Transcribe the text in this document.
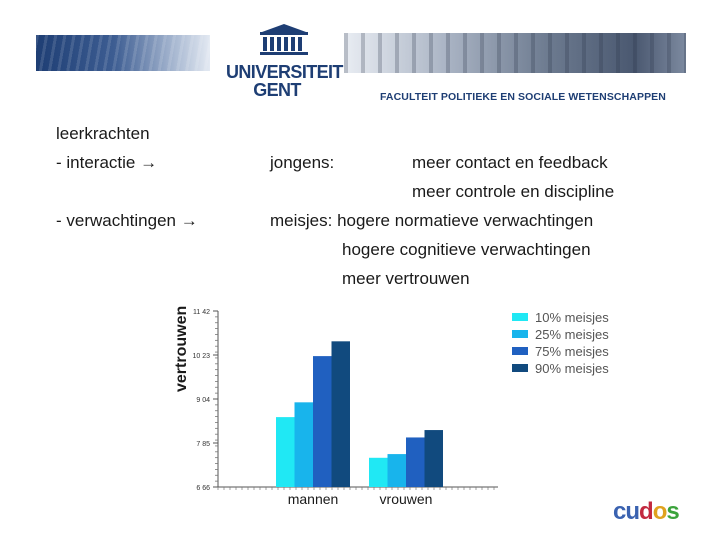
UNIVERSITEIT
GENT	FACULTEIT POLITIEKE EN SOCIALE WETENSCHAPPEN
leerkrachten
- interactie →
- verwachtingen →
jongens:	meer contact en feedback
meer controle en discipline
meisjes: hogere normatieve verwachtingen
hogere cognitieve verwachtingen
meer vertrouwen
vertrouwen
6 66
7 85
9 04
10 23
11 42
mannen	vrouwen
10% meisjes
25% meisjes
75% meisjes
90% meisjes
cudos
